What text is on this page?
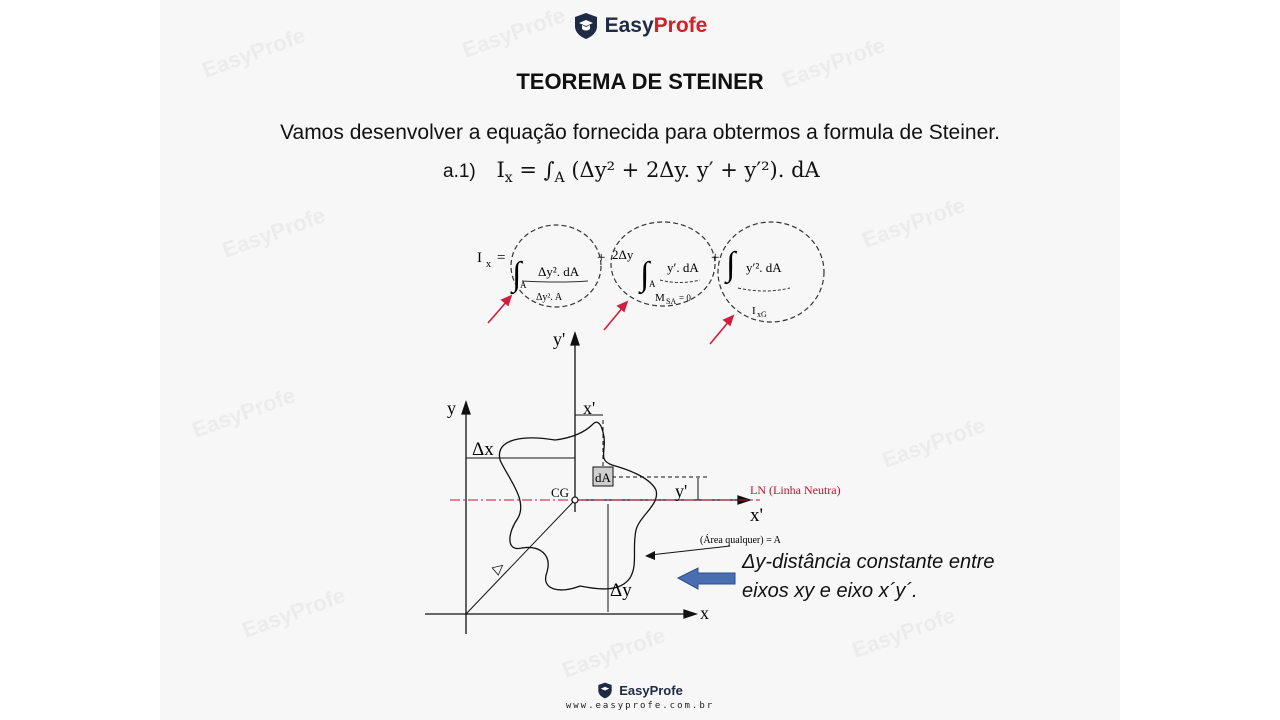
EasyProfe	EasyProfe	EasyProfe
EasyProfe	EasyProfe
EasyProfe	EasyProfe
EasyProfe
EasyProfe	EasyProfe
EasyProfe
TEOREMA DE STEINER
Vamos desenvolver a equação fornecida para obtermos a formula de Steiner.
a.1) $I_x = \int_A$ (Δy² + 2Δy. y′ + y′²). dA
I x = ∫ Δy². dA
A
Δy². A
+ 2Δy
∫ y′. dA
A
M SA = 0
+ ∫ y′². dA
I xG
y'
y	x'
Δx
dA
y'
CG	LN (Linha Neutra)
x'
(Área qualquer) = A
Δy
x
▷	Δy-distância constante entre
eixos xy e eixo x´y´.
EasyProfe
www.easyprofe.com.br
